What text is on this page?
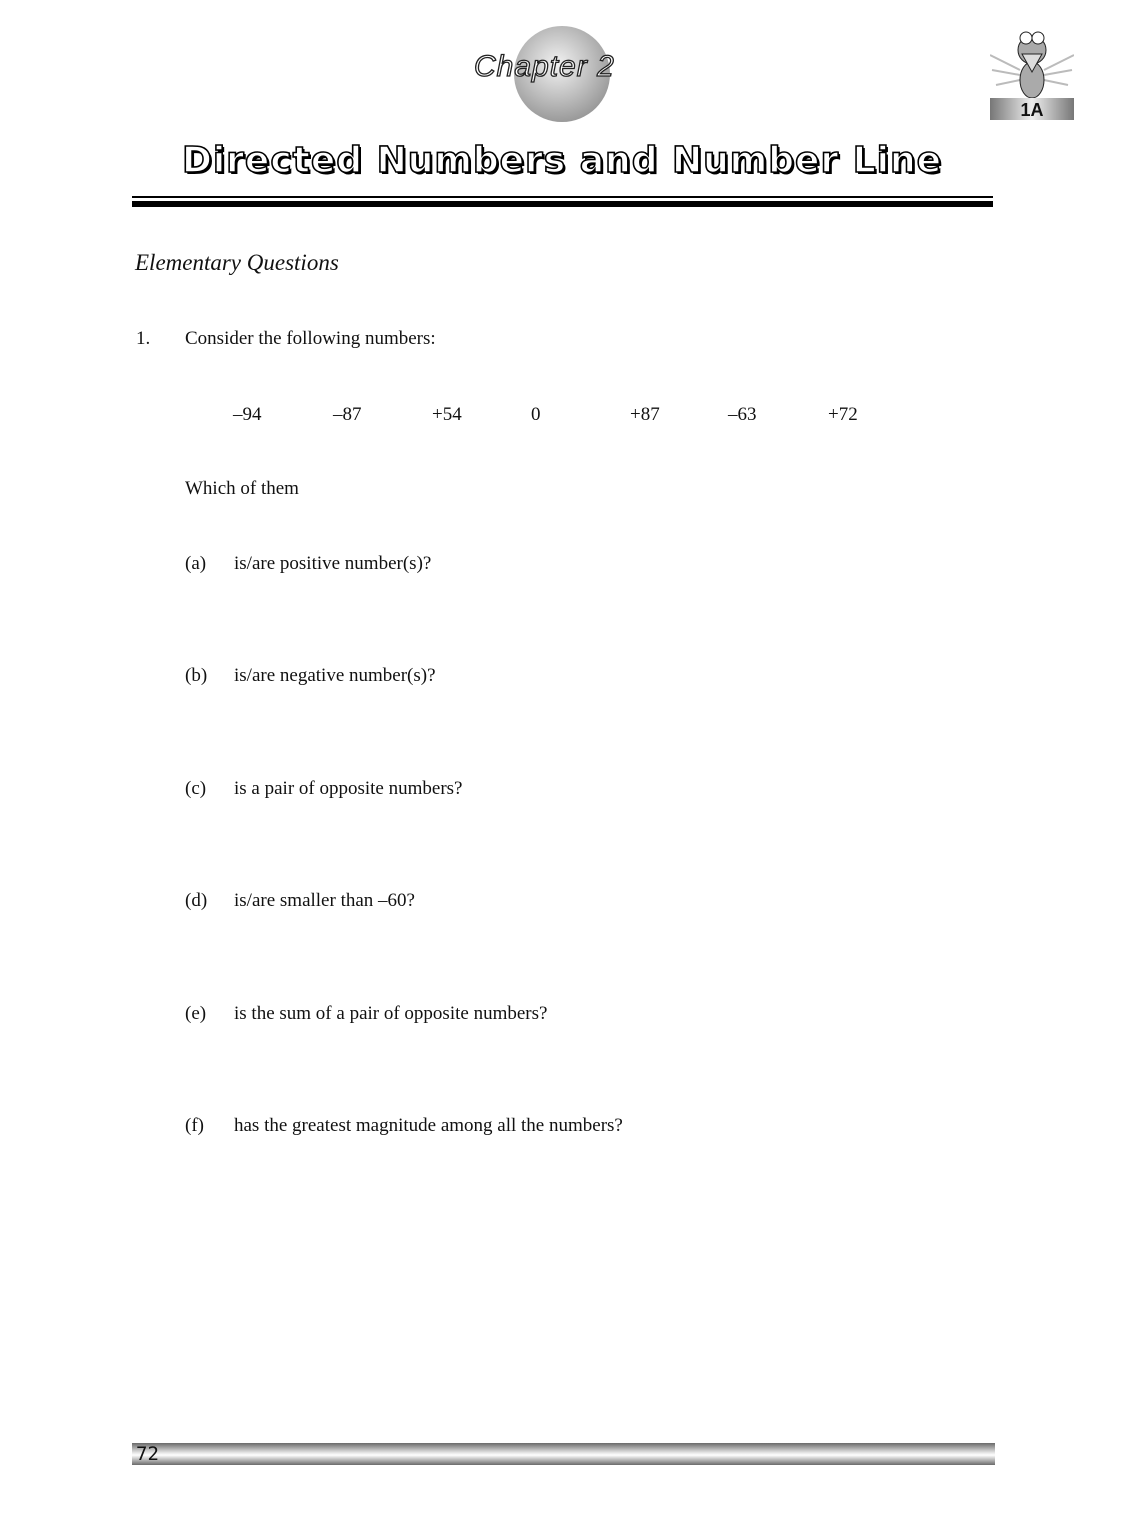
Chapter 2
1A
Directed Numbers and Number Line
Elementary Questions
1. Consider the following numbers:
–94	–87	+54	0	+87	–63	+72
Which of them
(a) is/are positive number(s)?
(b) is/are negative number(s)?
(c) is a pair of opposite numbers?
(d) is/are smaller than –60?
(e) is the sum of a pair of opposite numbers?
(f) has the greatest magnitude among all the numbers?
72
